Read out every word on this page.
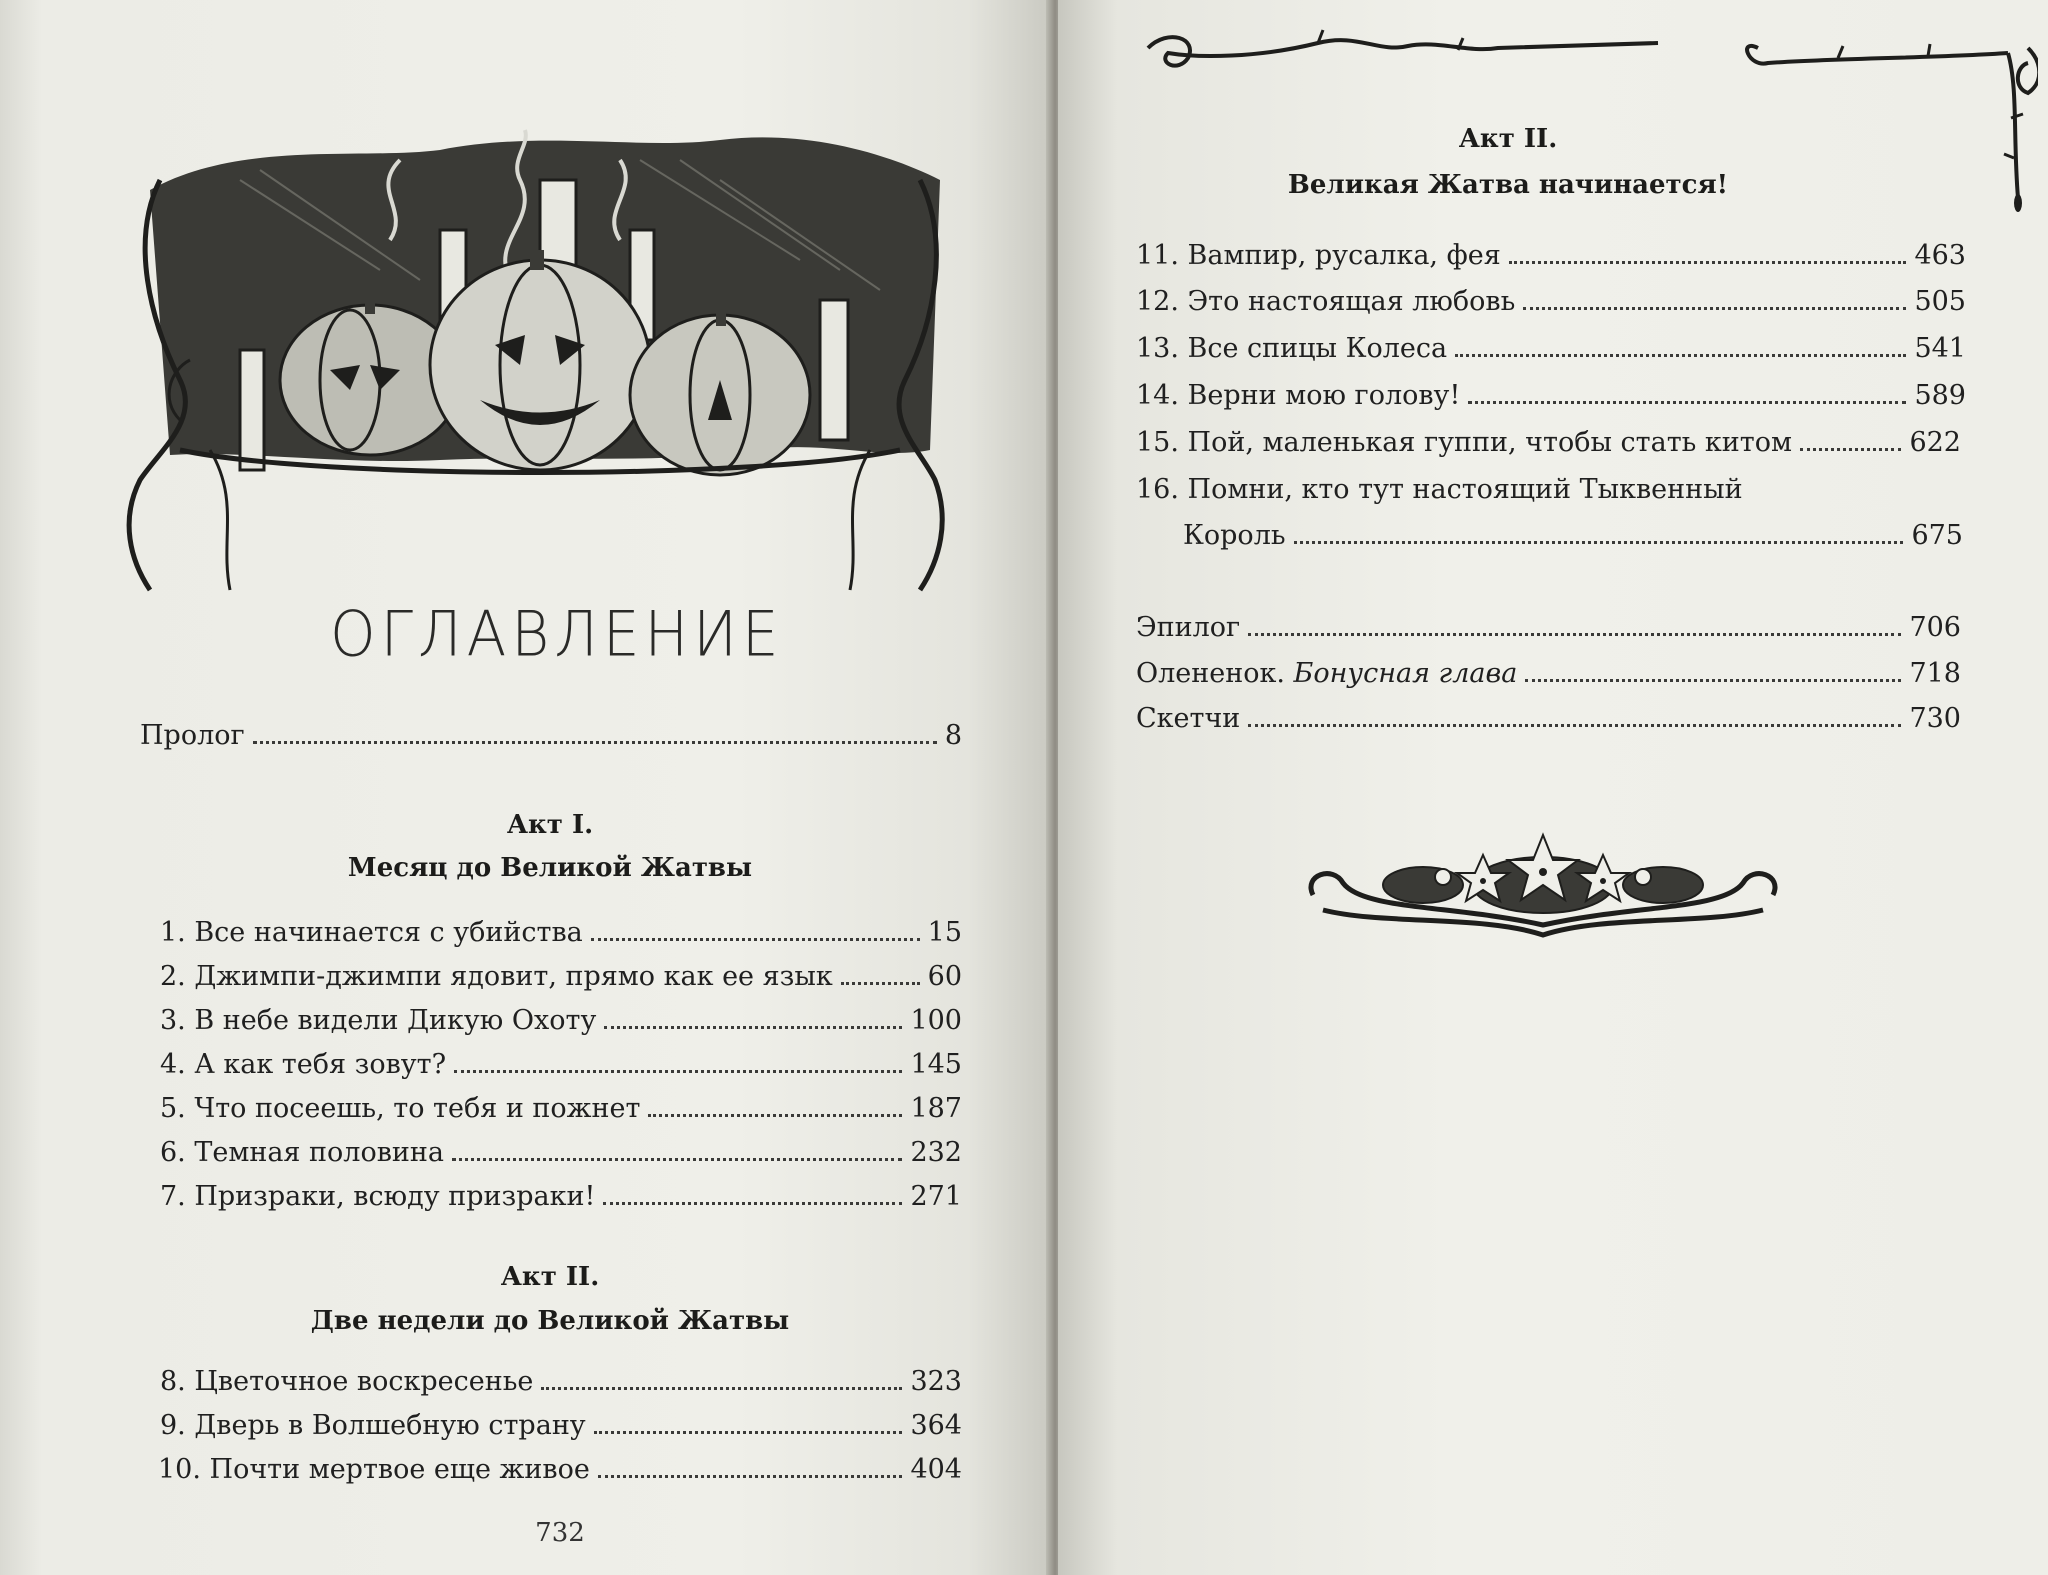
ОГЛАВЛЕНИЕ
Пролог	8
Акт I.
Месяц до Великой Жатвы
1. Все начинается с убийства	15
2. Джимпи-джимпи ядовит, прямо как ее язык	60
3. В небе видели Дикую Охоту	100
4. А как тебя зовут?	145
5. Что посеешь, то тебя и пожнет	187
6. Темная половина	232
7. Призраки, всюду призраки!	271
Акт II.
Две недели до Великой Жатвы
8. Цветочное воскресенье	323
9. Дверь в Волшебную страну	364
10. Почти мертвое еще живое	404
732
Акт II.
Великая Жатва начинается!
11. Вампир, русалка, фея	463
12. Это настоящая любовь	505
13. Все спицы Колеса	541
14. Верни мою голову!	589
15. Пой, маленькая гуппи, чтобы стать китом	622
16. Помни, кто тут настоящий Тыквенный
Король	675
Эпилог	706
Олененок. Бонусная глава	718
Скетчи	730
